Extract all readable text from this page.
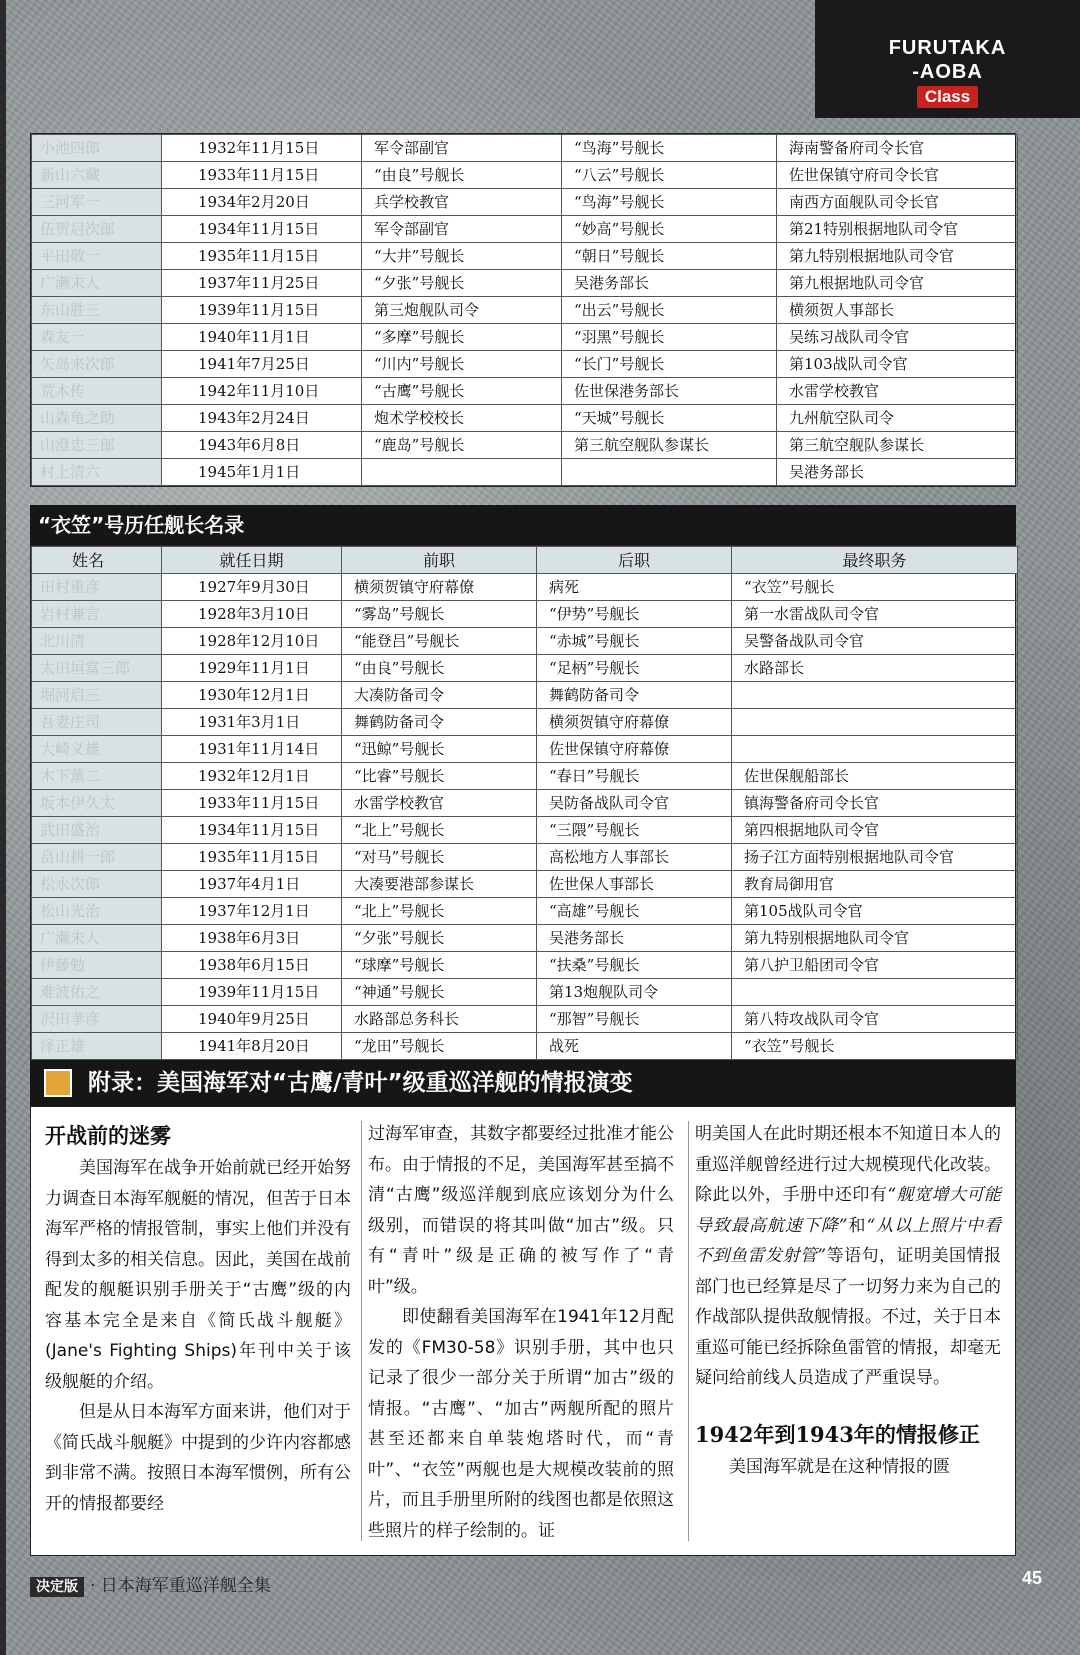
FURUTAKA
-AOBA
Class
小池四郎	1932年11月15日	军令部副官	“鸟海”号舰长	海南警备府司令长官
新山六藏	1933年11月15日	“由良”号舰长	“八云”号舰长	佐世保镇守府司令长官
三河军一	1934年2月20日	兵学校教官	“鸟海”号舰长	南西方面舰队司令长官
伍贺启次郎	1934年11月15日	军令部副官	“妙高”号舰长	第21特别根据地队司令官
平田敬一	1935年11月15日	“大井”号舰长	“朝日”号舰长	第九特别根据地队司令官
广濑末人	1937年11月25日	“夕张”号舰长	吴港务部长	第九根据地队司令官
东山胜三	1939年11月15日	第三炮舰队司令	“出云”号舰长	横须贺人事部长
森友一	1940年11月1日	“多摩”号舰长	“羽黑”号舰长	吴练习战队司令官
矢岛来次郎	1941年7月25日	“川内”号舰长	“长门”号舰长	第103战队司令官
荒木传	1942年11月10日	“古鹰”号舰长	佐世保港务部长	水雷学校教官
山森龟之助	1943年2月24日	炮术学校校长	“天城”号舰长	九州航空队司令
山澄忠三郎	1943年6月8日	“鹿岛”号舰长	第三航空舰队参谋长	第三航空舰队参谋长
村上清六	1945年1月1日			吴港务部长
“衣笠”号历任舰长名录
姓名	就任日期	前职	后职	最终职务
田村重彦	1927年9月30日	横须贺镇守府幕僚	病死	“衣笠”号舰长
岩村兼言	1928年3月10日	“雾岛”号舰长	“伊势”号舰长	第一水雷战队司令官
北川清	1928年12月10日	“能登吕”号舰长	“赤城”号舰长	吴警备战队司令官
太田垣富三郎	1929年11月1日	“由良”号舰长	“足柄”号舰长	水路部长
堀河启三	1930年12月1日	大凑防备司令	舞鹤防备司令	
吾妻庄司	1931年3月1日	舞鹤防备司令	横须贺镇守府幕僚	
大崎义雄	1931年11月14日	“迅鲸”号舰长	佐世保镇守府幕僚	
木下薰二	1932年12月1日	“比睿”号舰长	“春日”号舰长	佐世保舰船部长
坂本伊久太	1933年11月15日	水雷学校教官	吴防备战队司令官	镇海警备府司令长官
武田盛治	1934年11月15日	“北上”号舰长	“三隈”号舰长	第四根据地队司令官
畠山耕一郎	1935年11月15日	“对马”号舰长	高松地方人事部长	扬子江方面特别根据地队司令官
松永次郎	1937年4月1日	大凑要港部参谋长	佐世保人事部长	教育局御用官
松山光治	1937年12月1日	“北上”号舰长	“高雄”号舰长	第105战队司令官
广濑末人	1938年6月3日	“夕张”号舰长	吴港务部长	第九特别根据地队司令官
伊藤勉	1938年6月15日	“球摩”号舰长	“扶桑”号舰长	第八护卫船团司令官
难波佑之	1939年11月15日	“神通”号舰长	第13炮舰队司令	
沢田孝彦	1940年9月25日	水路部总务科长	“那智”号舰长	第八特攻战队司令官
泽正雄	1941年8月20日	“龙田”号舰长	战死	“衣笠”号舰长
附录：美国海军对“古鹰/青叶”级重巡洋舰的情报演变
开战前的迷雾

美国海军在战争开始前就已经开始努力调查日本海军舰艇的情况，但苦于日本海军严格的情报管制，事实上他们并没有得到太多的相关信息。因此，美国在战前配发的舰艇识别手册关于“古鹰”级的内容基本完全是来自《简氏战斗舰艇》(Jane's Fighting Ships)年刊中关于该级舰艇的介绍。

但是从日本海军方面来讲，他们对于《简氏战斗舰艇》中提到的少许内容都感到非常不满。按照日本海军惯例，所有公开的情报都要经

过海军审查，其数字都要经过批准才能公布。由于情报的不足，美国海军甚至搞不清“古鹰”级巡洋舰到底应该划分为什么级别，而错误的将其叫做“加古”级。只有“青叶”级是正确的被写作了“青叶”级。

即使翻看美国海军在1941年12月配发的《FM30-58》识别手册，其中也只记录了很少一部分关于所谓“加古”级的情报。“古鹰”、“加古”两舰所配的照片甚至还都来自单装炮塔时代，而“青叶”、“衣笠”两舰也是大规模改装前的照片，而且手册里所附的线图也都是依照这些照片的样子绘制的。证

明美国人在此时期还根本不知道日本人的重巡洋舰曾经进行过大规模现代化改装。除此以外，手册中还印有“舰宽增大可能导致最高航速下降”和“从以上照片中看不到鱼雷发射管”等语句，证明美国情报部门也已经算是尽了一切努力来为自己的作战部队提供敌舰情报。不过，关于日本重巡可能已经拆除鱼雷管的情报，却毫无疑问给前线人员造成了严重误导。

1942年到1943年的情报修正

美国海军就是在这种情报的匮

决定版 · 日本海军重巡洋舰全集	45
